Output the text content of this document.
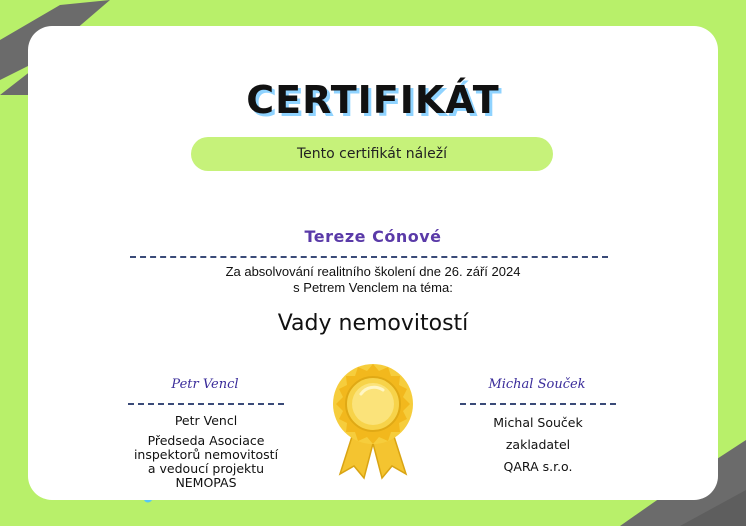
CERTIFIKÁT
Tento certifikát náleží
Tereze Cónové
Za absolvování realitního školení dne 26. září 2024
s Petrem Venclem na téma:
Vady nemovitostí
Petr Vencl
Petr Vencl
Předseda Asociace
inspektorů nemovitostí
a vedoucí projektu
NEMOPAS
Michal Souček
Michal Souček
zakladatel
QARA s.r.o.
